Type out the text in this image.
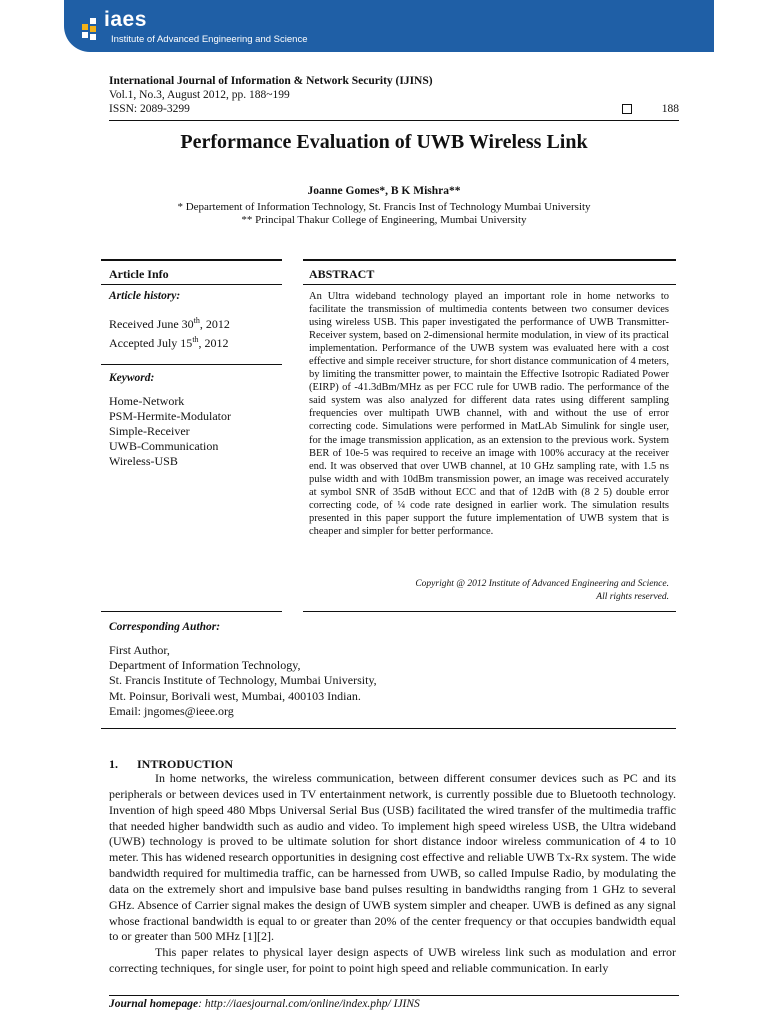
iaes
Institute of Advanced Engineering and Science
International Journal of Information & Network Security (IJINS)
Vol.1, No.3, August 2012, pp. 188~199
ISSN: 2089-3299	188
Performance Evaluation of UWB Wireless Link
Joanne Gomes*, B K Mishra**
* Departement of Information Technology, St. Francis Inst of Technology Mumbai University
** Principal Thakur College of Engineering, Mumbai University
Article Info	ABSTRACT
Article history:
Received June 30th, 2012
Accepted July 15th, 2012
Keyword:
Home-Network
PSM-Hermite-Modulator
Simple-Receiver
UWB-Communication
Wireless-USB

An Ultra wideband technology played an important role in home networks to facilitate the transmission of multimedia contents between two consumer devices using wireless USB. This paper investigated the performance of UWB Transmitter-Receiver system, based on 2-dimensional hermite modulation, in view of its practical implementation. Performance of the UWB system was evaluated here with a cost effective and simple receiver structure, for short distance communication of 4 meters, by limiting the transmitter power, to maintain the Effective Isotropic Radiated Power (EIRP) of -41.3dBm/MHz as per FCC rule for UWB radio. The performance of the said system was also analyzed for different data rates using different sampling frequencies over multipath UWB channel, with and without the use of error correcting code. Simulations were performed in MatLAb Simulink for single user, for the image transmission application, as an extension to the previous work. System BER of 10e-5 was required to receive an image with 100% accuracy at the receiver end. It was observed that over UWB channel, at 10 GHz sampling rate, with 1.5 ns pulse width and with 10dBm transmission power, an image was received accurately at symbol SNR of 35dB without ECC and that of 12dB with (8 2 5) double error correcting code, of ¼ code rate designed in earlier work. The simulation results presented in this paper support the future implementation of UWB system that is cheaper and simpler for better performance.

Copyright @ 2012 Institute of Advanced Engineering and Science.
All rights reserved.
Corresponding Author:
First Author,
Department of Information Technology,
St. Francis Institute of Technology, Mumbai University,
Mt. Poinsur, Borivali west, Mumbai, 400103 Indian.
Email: jngomes@ieee.org
1. INTRODUCTION

In home networks, the wireless communication, between different consumer devices such as PC and its peripherals or between devices used in TV entertainment network, is currently possible due to Bluetooth technology. Invention of high speed 480 Mbps Universal Serial Bus (USB) facilitated the wired transfer of the multimedia traffic that needed higher bandwidth such as audio and video. To implement high speed wireless USB, the Ultra wideband (UWB) technology is proved to be ultimate solution for short distance indoor wireless communication of 4 to 10 meter. This has widened research opportunities in designing cost effective and reliable UWB Tx-Rx system. The wide bandwidth required for multimedia traffic, can be harnessed from UWB, so called Impulse Radio, by modulating the data on the extremely short and impulsive base band pulses resulting in bandwidths ranging from 1 GHz to several GHz. Absence of Carrier signal makes the design of UWB system simpler and cheaper. UWB is defined as any signal whose fractional bandwidth is equal to or greater than 20% of the center frequency or that occupies bandwidth equal to or greater than 500 MHz [1][2].

This paper relates to physical layer design aspects of UWB wireless link such as modulation and error correcting techniques, for single user, for point to point high speed and reliable communication. In early

Journal homepage: http://iaesjournal.com/online/index.php/ IJINS
